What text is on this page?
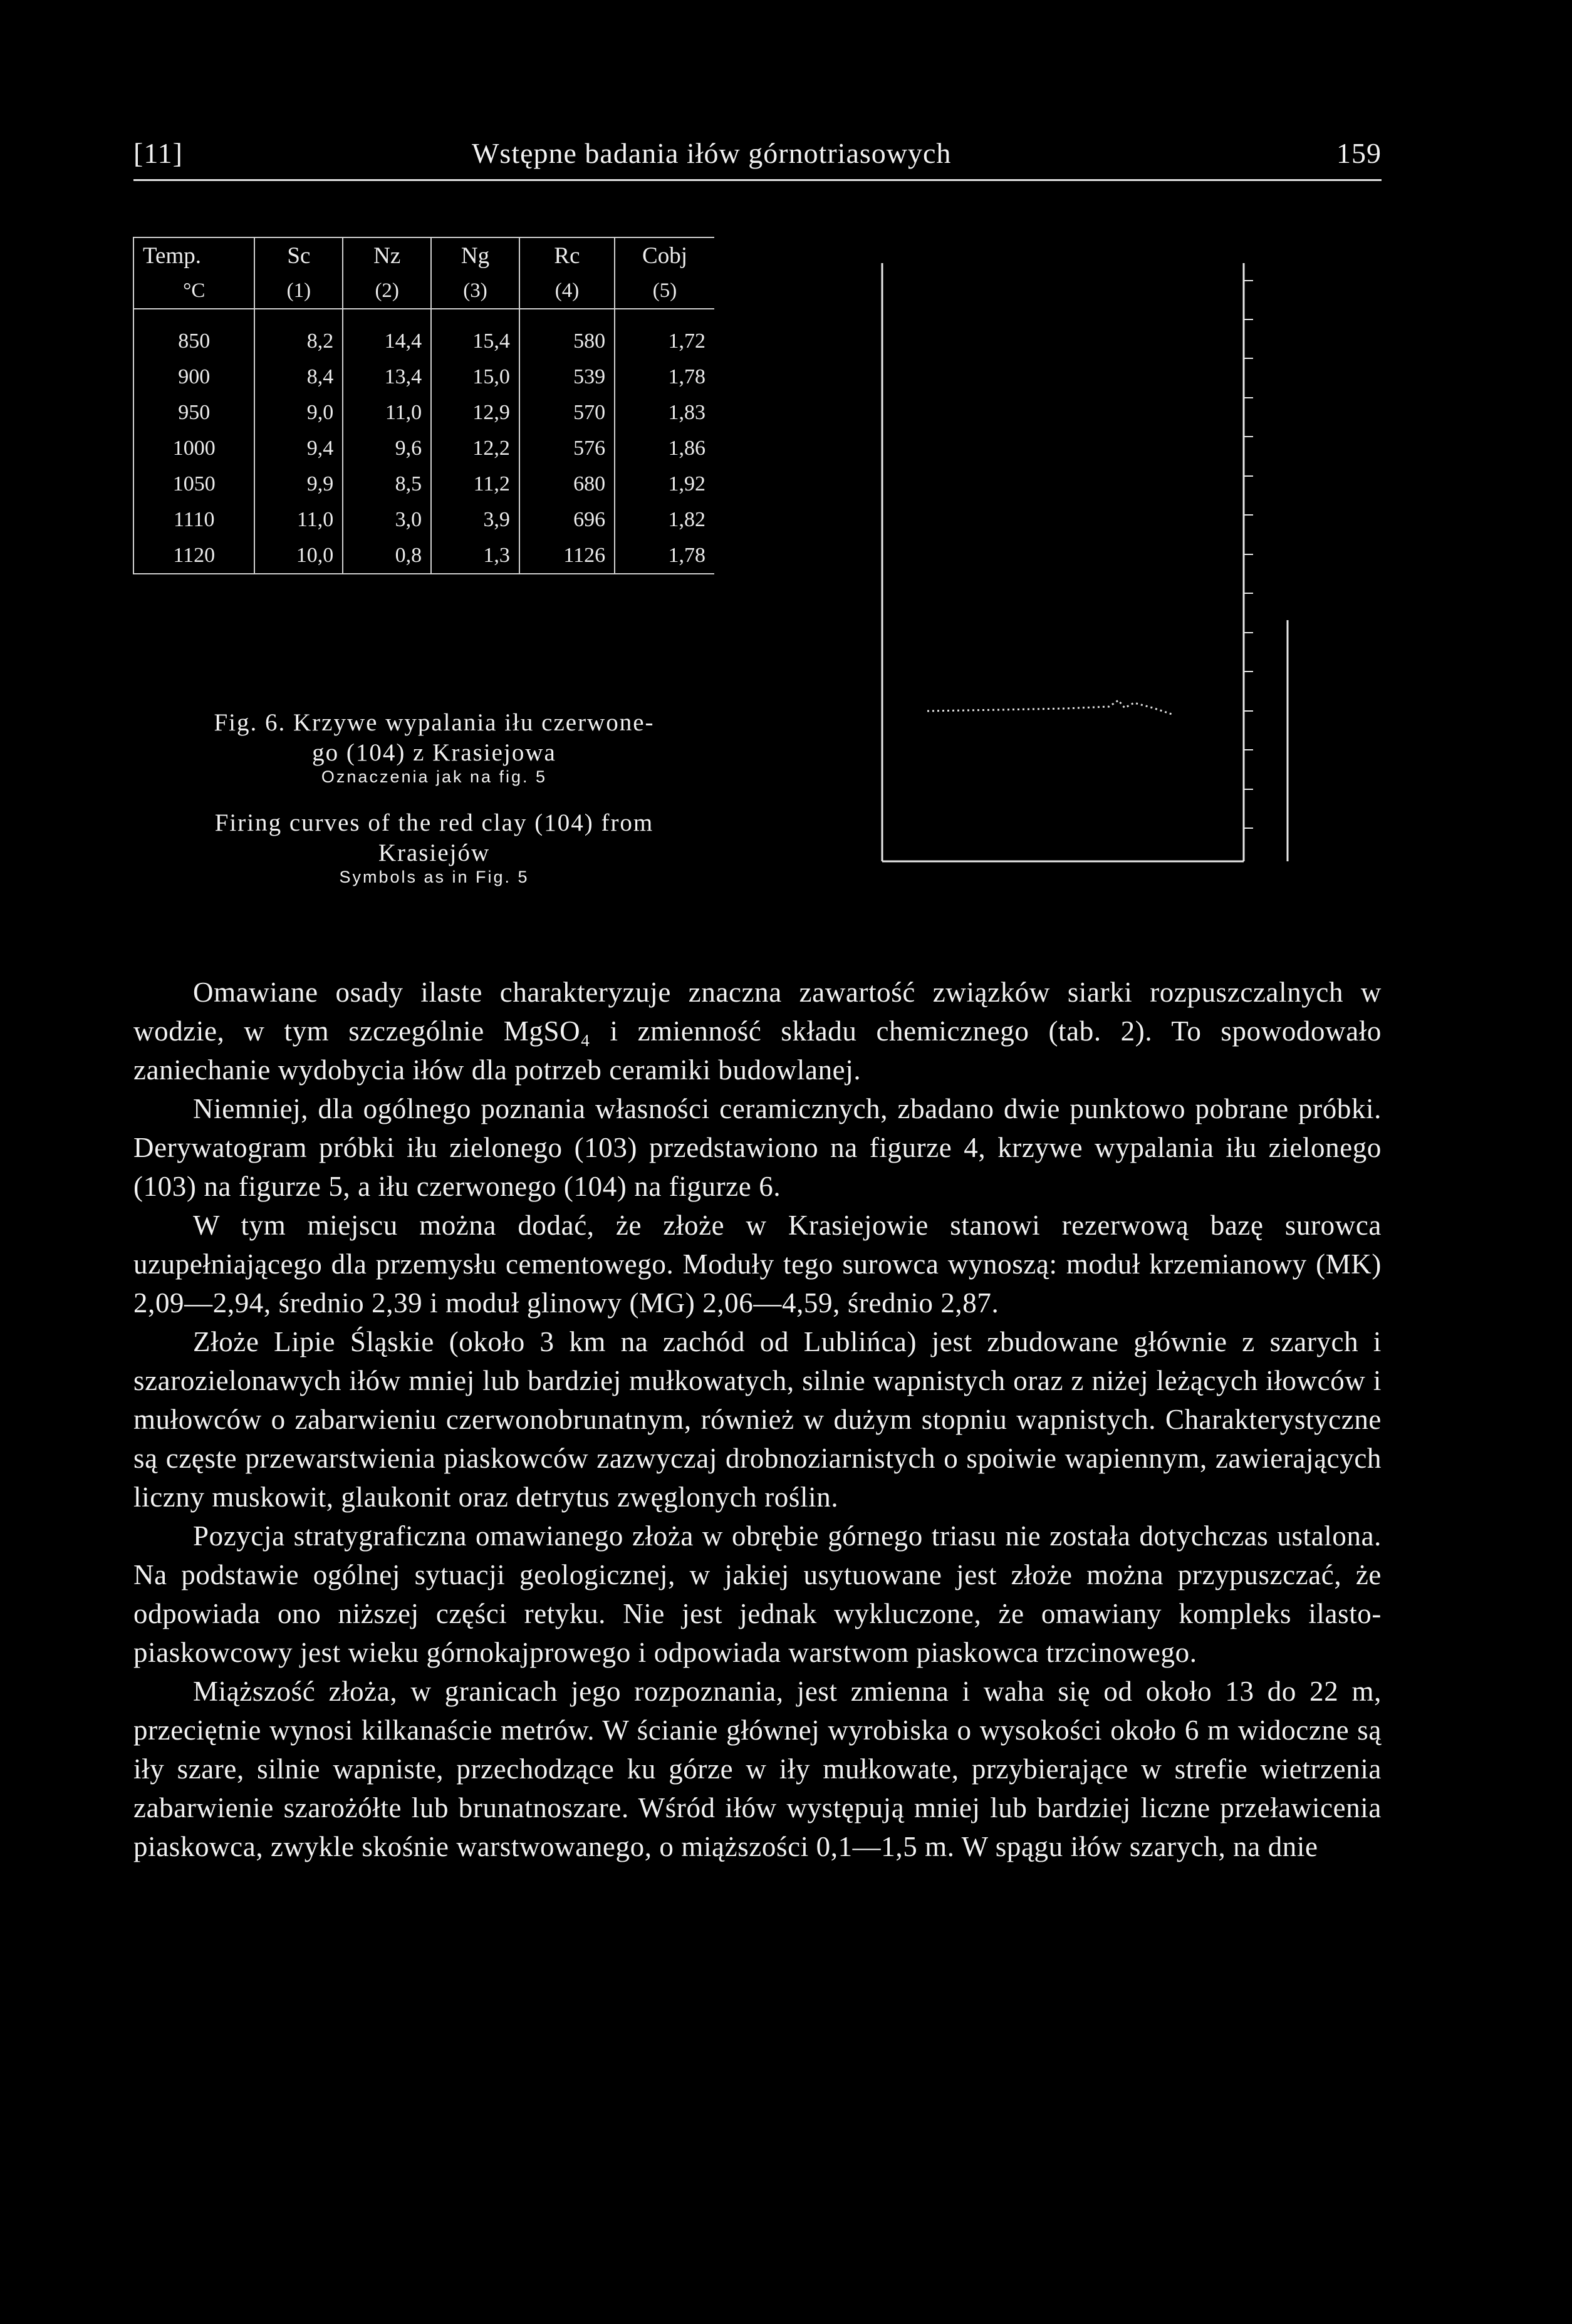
[11]	Wstępne badania iłów górnotriasowych	159
Temp.	Sc	Nz	Ng	Rc	Cobj
°C	(1)	(2)	(3)	(4)	(5)

850	8,2	14,4	15,4	580	1,72
900	8,4	13,4	15,0	539	1,78
950	9,0	11,0	12,9	570	1,83
1000	9,4	9,6	12,2	576	1,86
1050	9,9	8,5	11,2	680	1,92
1110	11,0	3,0	3,9	696	1,82
1120	10,0	0,8	1,3	1126	1,78
Fig. 6. Krzywe wypalania iłu czerwone-
go (104) z Krasiejowa
Oznaczenia jak na fig. 5
Firing curves of the red clay (104) from
Krasiejów
Symbols as in Fig. 5

Omawiane osady ilaste charakteryzuje znaczna zawartość związków siarki rozpuszczalnych w wodzie, w tym szczególnie MgSO₄ i zmienność składu chemicznego (tab. 2). To spowodowało zaniechanie wydobycia iłów dla potrzeb ceramiki budowlanej.

Niemniej, dla ogólnego poznania własności ceramicznych, zbadano dwie punktowo pobrane próbki. Derywatogram próbki iłu zielonego (103) przedstawiono na figurze 4, krzywe wypalania iłu zielonego (103) na figurze 5, a iłu czerwonego (104) na figurze 6.

W tym miejscu można dodać, że złoże w Krasiejowie stanowi rezerwową bazę surowca uzupełniającego dla przemysłu cementowego. Moduły tego surowca wynoszą: moduł krzemianowy (MK) 2,09—2,94, średnio 2,39 i moduł glinowy (MG) 2,06—4,59, średnio 2,87.

Złoże Lipie Śląskie (około 3 km na zachód od Lublińca) jest zbudowane głównie z szarych i szarozielonawych iłów mniej lub bardziej mułkowatych, silnie wapnistych oraz z niżej leżących iłowców i mułowców o zabarwieniu czerwonobrunatnym, również w dużym stopniu wapnistych. Charakterystyczne są częste przewarstwienia piaskowców zazwyczaj drobnoziarnistych o spoiwie wapiennym, zawierających liczny muskowit, glaukonit oraz detrytus zwęglonych roślin.

Pozycja stratygraficzna omawianego złoża w obrębie górnego triasu nie została dotychczas ustalona. Na podstawie ogólnej sytuacji geologicznej, w jakiej usytuowane jest złoże można przypuszczać, że odpowiada ono niższej części retyku. Nie jest jednak wykluczone, że omawiany kompleks ilasto-piaskowcowy jest wieku górnokajprowego i odpowiada warstwom piaskowca trzcinowego.

Miąższość złoża, w granicach jego rozpoznania, jest zmienna i waha się od około 13 do 22 m, przeciętnie wynosi kilkanaście metrów. W ścianie głównej wyrobiska o wysokości około 6 m widoczne są iły szare, silnie wapniste, przechodzące ku górze w iły mułkowate, przybierające w strefie wietrzenia zabarwienie szarożółte lub brunatnoszare. Wśród iłów występują mniej lub bardziej liczne przeławicenia piaskowca, zwykle skośnie warstwowanego, o miąższości 0,1—1,5 m. W spągu iłów szarych, na dnie
